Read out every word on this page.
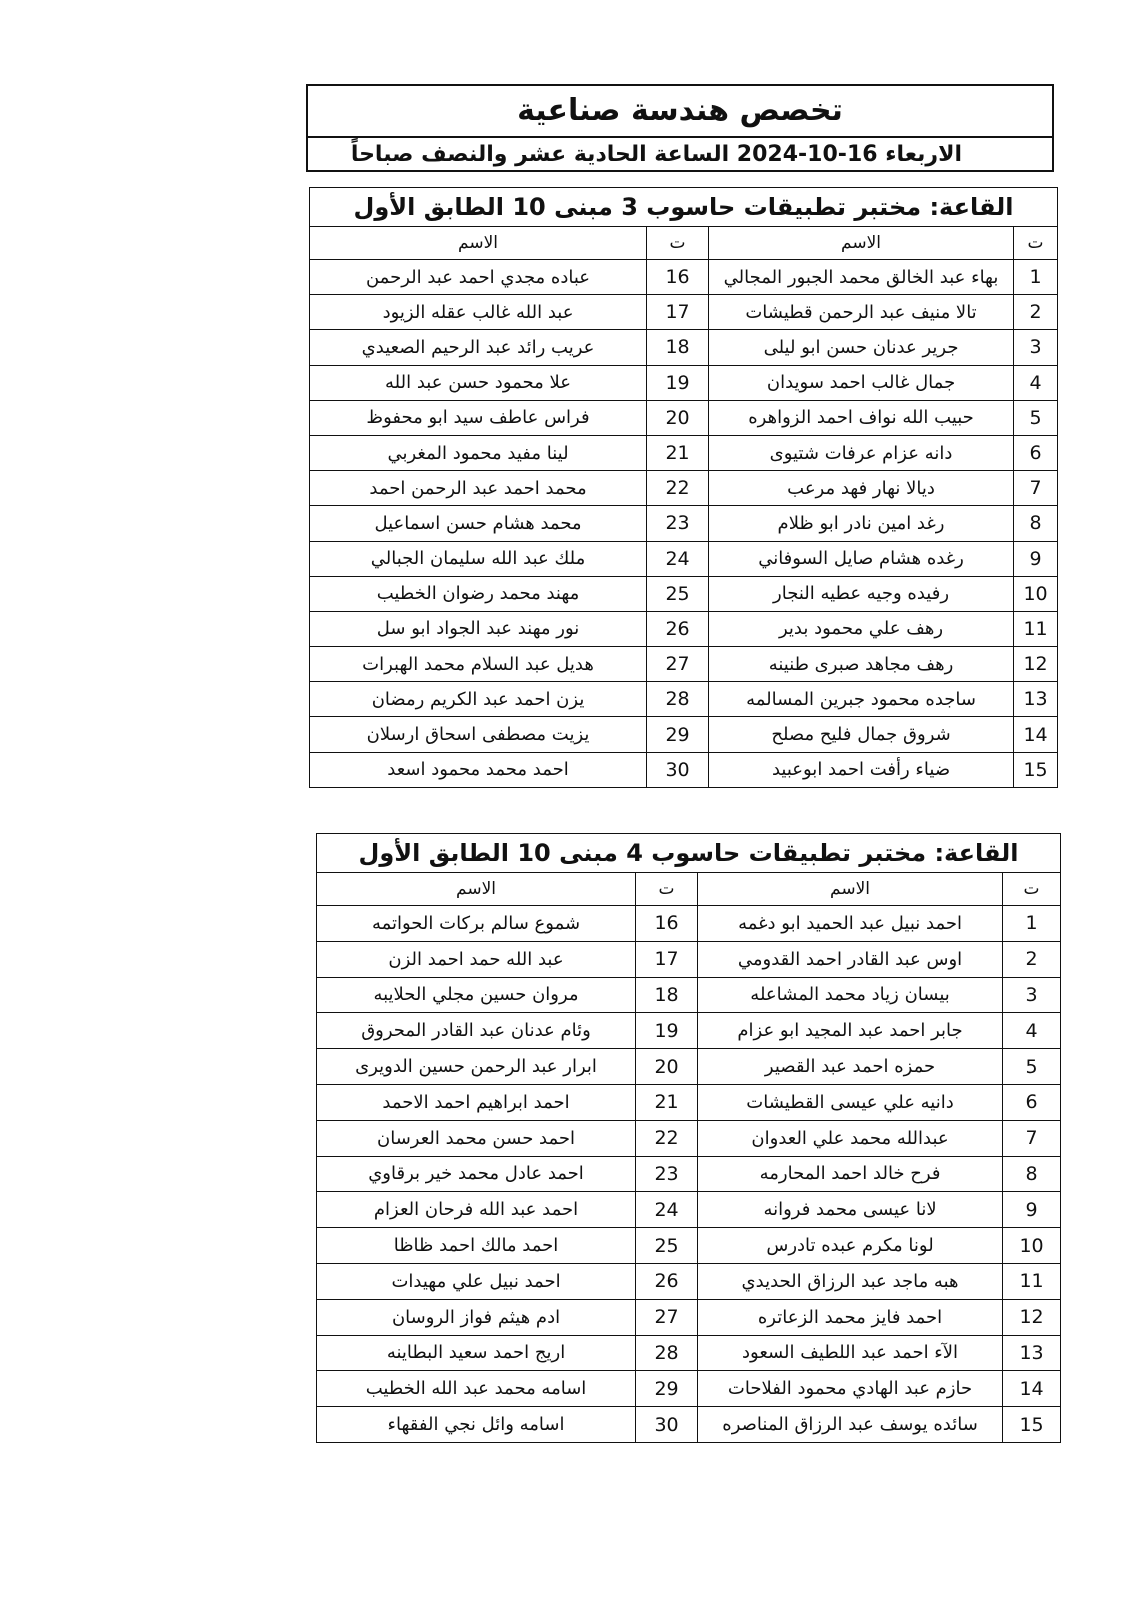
تخصص هندسة صناعية
الاربعاء 16-10-2024 الساعة الحادية عشر والنصف صباحاً
القاعة: مختبر تطبيقات حاسوب 3 مبنى 10 الطابق الأول			
ت	الاسم	ت	الاسم
1	بهاء عبد الخالق محمد الجبور المجالي	16	عباده مجدي احمد عبد الرحمن
2	تالا منيف عبد الرحمن قطيشات	17	عبد الله غالب عقله الزيود
3	جرير عدنان حسن ابو ليلى	18	عريب رائد عبد الرحيم الصعيدي
4	جمال غالب احمد سويدان	19	علا محمود حسن عبد الله
5	حبيب الله نواف احمد الزواهره	20	فراس عاطف سيد ابو محفوظ
6	دانه عزام عرفات شتيوى	21	لينا مفيد محمود المغربي
7	ديالا نهار فهد مرعب	22	محمد احمد عبد الرحمن احمد
8	رغد امين نادر ابو ظلام	23	محمد هشام حسن اسماعيل
9	رغده هشام صايل السوفاني	24	ملك عبد الله سليمان الجبالي
10	رفيده وجيه عطيه النجار	25	مهند محمد رضوان الخطيب
11	رهف علي محمود بدير	26	نور مهند عبد الجواد ابو سل
12	رهف مجاهد صبرى طنينه	27	هديل عبد السلام محمد الهبرات
13	ساجده محمود جبرين المسالمه	28	يزن احمد عبد الكريم رمضان
14	شروق جمال فليح مصلح	29	يزيت مصطفى اسحاق ارسلان
15	ضياء رأفت احمد ابوعبيد	30	احمد محمد محمود اسعد
القاعة: مختبر تطبيقات حاسوب 4 مبنى 10 الطابق الأول			
ت	الاسم	ت	الاسم
1	احمد نبيل عبد الحميد ابو دغمه	16	شموع سالم بركات الحواتمه
2	اوس عبد القادر احمد القدومي	17	عبد الله حمد احمد الزن
3	بيسان زياد محمد المشاعله	18	مروان حسين مجلي الحلايبه
4	جابر احمد عبد المجيد ابو عزام	19	وئام عدنان عبد القادر المحروق
5	حمزه احمد عبد القصير	20	ابرار عبد الرحمن حسين الدويرى
6	دانيه علي عيسى القطيشات	21	احمد ابراهيم احمد الاحمد
7	عبدالله محمد علي العدوان	22	احمد حسن محمد العرسان
8	فرح خالد احمد المحارمه	23	احمد عادل محمد خير برقاوي
9	لانا عيسى محمد فروانه	24	احمد عبد الله فرحان العزام
10	لونا مكرم عبده تادرس	25	احمد مالك احمد ظاظا
11	هبه ماجد عبد الرزاق الحديدي	26	احمد نبيل علي مهيدات
12	احمد فايز محمد الزعاتره	27	ادم هيثم فواز الروسان
13	الآء احمد عبد اللطيف السعود	28	اريج احمد سعيد البطاينه
14	حازم عبد الهادي محمود الفلاحات	29	اسامه محمد عبد الله الخطيب
15	سائده يوسف عبد الرزاق المناصره	30	اسامه وائل نجي الفقهاء
